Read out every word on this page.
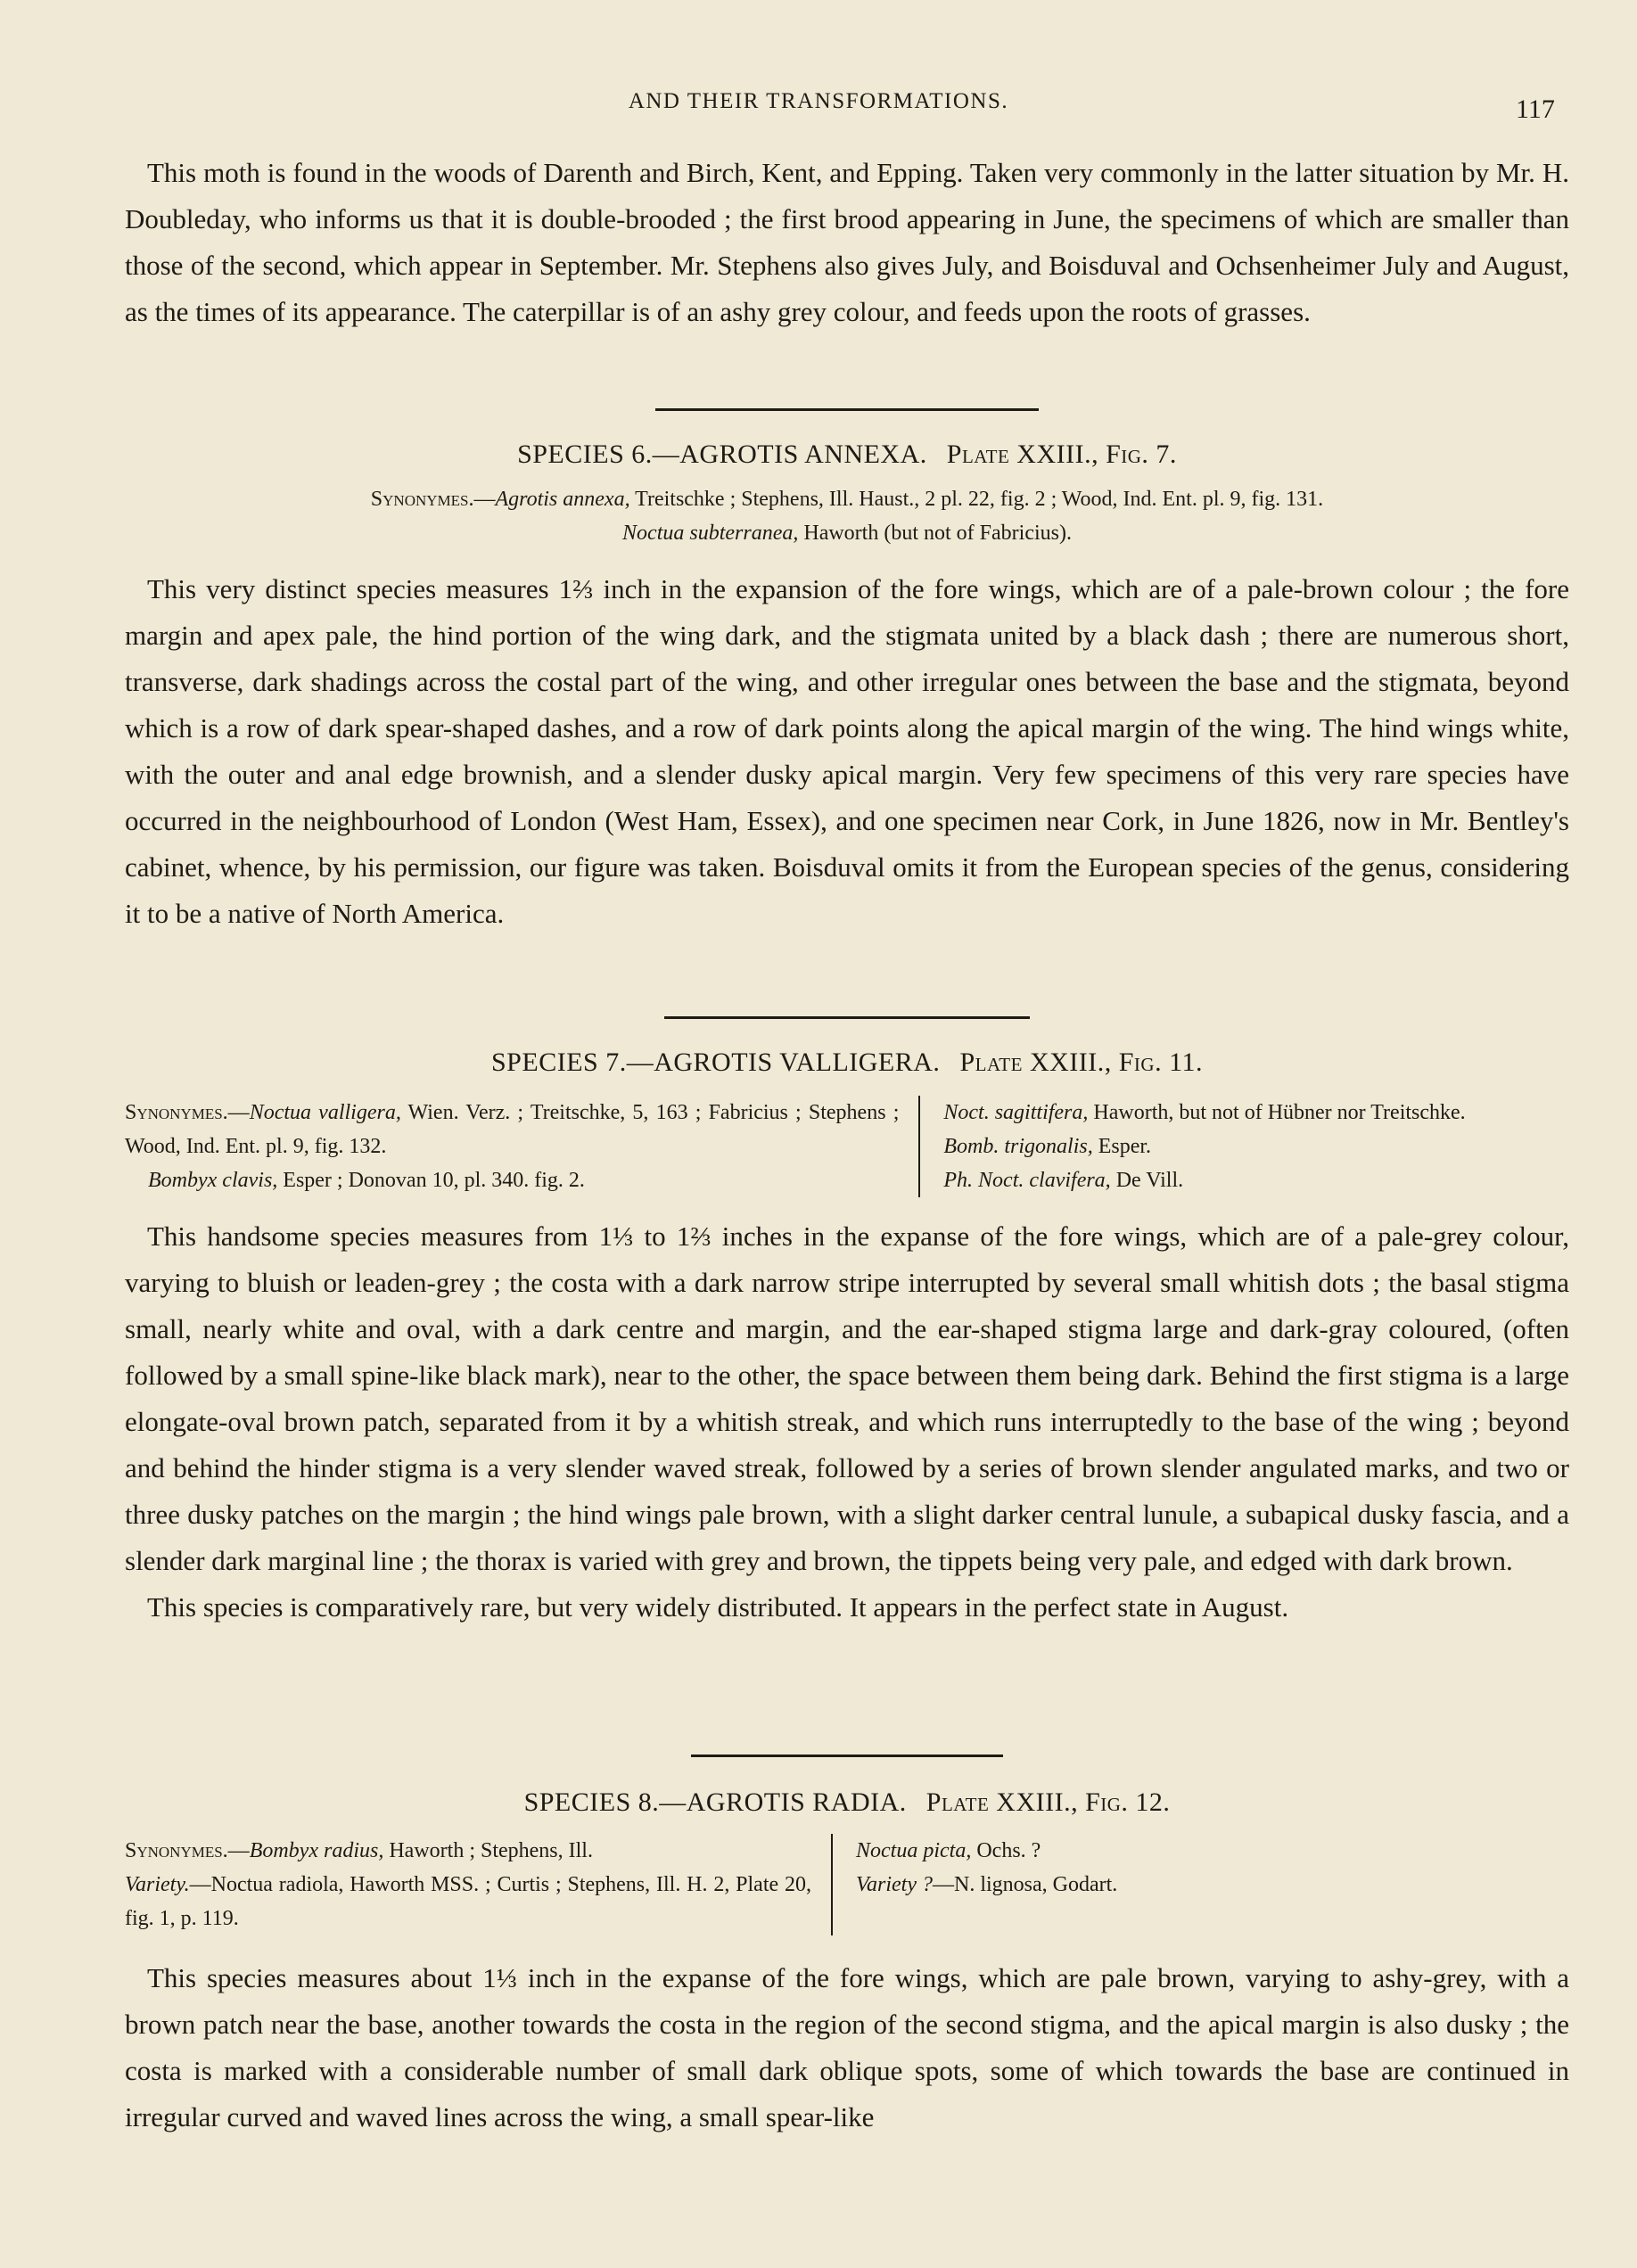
AND THEIR TRANSFORMATIONS.	117

This moth is found in the woods of Darenth and Birch, Kent, and Epping. Taken very commonly in the latter situation by Mr. H. Doubleday, who informs us that it is double-brooded ; the first brood appearing in June, the specimens of which are smaller than those of the second, which appear in September. Mr. Stephens also gives July, and Boisduval and Ochsenheimer July and August, as the times of its appearance. The caterpillar is of an ashy grey colour, and feeds upon the roots of grasses.

SPECIES 6.—AGROTIS ANNEXA. Plate XXIII., Fig. 7.
Synonymes.—Agrotis annexa, Treitschke ; Stephens, Ill. Haust., 2 pl. 22, fig. 2 ; Wood, Ind. Ent. pl. 9, fig. 131.
Noctua subterranea, Haworth (but not of Fabricius).

This very distinct species measures 1⅔ inch in the expansion of the fore wings, which are of a pale-brown colour ; the fore margin and apex pale, the hind portion of the wing dark, and the stigmata united by a black dash ; there are numerous short, transverse, dark shadings across the costal part of the wing, and other irregular ones between the base and the stigmata, beyond which is a row of dark spear-shaped dashes, and a row of dark points along the apical margin of the wing. The hind wings white, with the outer and anal edge brownish, and a slender dusky apical margin. Very few specimens of this very rare species have occurred in the neighbourhood of London (West Ham, Essex), and one specimen near Cork, in June 1826, now in Mr. Bentley's cabinet, whence, by his permission, our figure was taken. Boisduval omits it from the European species of the genus, considering it to be a native of North America.

SPECIES 7.—AGROTIS VALLIGERA. Plate XXIII., Fig. 11.
Synonymes.—Noctua valligera, Wien. Verz. ; Treitschke, 5, 163 ; Fabricius ; Stephens ; Wood, Ind. Ent. pl. 9, fig. 132.
Bombyx clavis, Esper ; Donovan 10, pl. 340. fig. 2.
Noct. sagittifera, Haworth, but not of Hübner nor Treitschke.
Bomb. trigonalis, Esper.
Ph. Noct. clavifera, De Vill.

This handsome species measures from 1⅓ to 1⅔ inches in the expanse of the fore wings, which are of a pale-grey colour, varying to bluish or leaden-grey ; the costa with a dark narrow stripe interrupted by several small whitish dots ; the basal stigma small, nearly white and oval, with a dark centre and margin, and the ear-shaped stigma large and dark-gray coloured, (often followed by a small spine-like black mark), near to the other, the space between them being dark. Behind the first stigma is a large elongate-oval brown patch, separated from it by a whitish streak, and which runs interruptedly to the base of the wing ; beyond and behind the hinder stigma is a very slender waved streak, followed by a series of brown slender angulated marks, and two or three dusky patches on the margin ; the hind wings pale brown, with a slight darker central lunule, a subapical dusky fascia, and a slender dark marginal line ; the thorax is varied with grey and brown, the tippets being very pale, and edged with dark brown.

This species is comparatively rare, but very widely distributed. It appears in the perfect state in August.

SPECIES 8.—AGROTIS RADIA. Plate XXIII., Fig. 12.
Synonymes.—Bombyx radius, Haworth ; Stephens, Ill.
Variety.—Noctua radiola, Haworth MSS. ; Curtis ; Stephens, Ill. H. 2, Plate 20, fig. 1, p. 119.
Noctua picta, Ochs. ?
Variety ?—N. lignosa, Godart.

This species measures about 1⅓ inch in the expanse of the fore wings, which are pale brown, varying to ashy-grey, with a brown patch near the base, another towards the costa in the region of the second stigma, and the apical margin is also dusky ; the costa is marked with a considerable number of small dark oblique spots, some of which towards the base are continued in irregular curved and waved lines across the wing, a small spear-like
